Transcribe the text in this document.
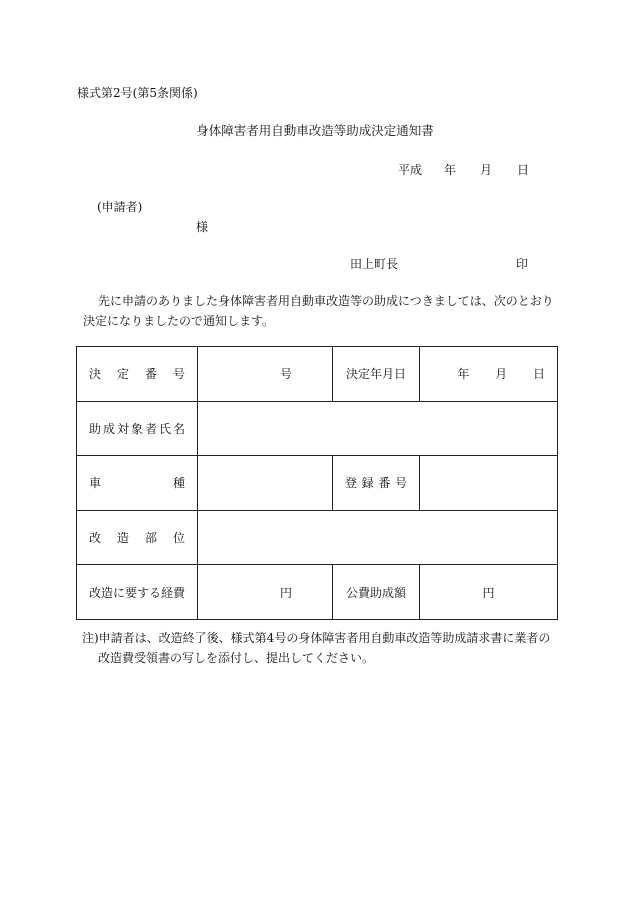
様式第2号(第5条関係)
身体障害者用自動車改造等助成決定通知書
平成 年 月 日
(申請者)
様
田上町長	印

先に申請のありました身体障害者用自動車改造等の助成につきましては、次のとおり

決定になりましたので通知します。

決定番号	号	決定年月日	年 月 日
助成対象者氏名			
車種		登録番号	
改造部位			
改造に要する経費	円	公費助成額	円

注)申請者は、改造終了後、様式第4号の身体障害者用自動車改造等助成請求書に業者の

改造費受領書の写しを添付し、提出してください。
